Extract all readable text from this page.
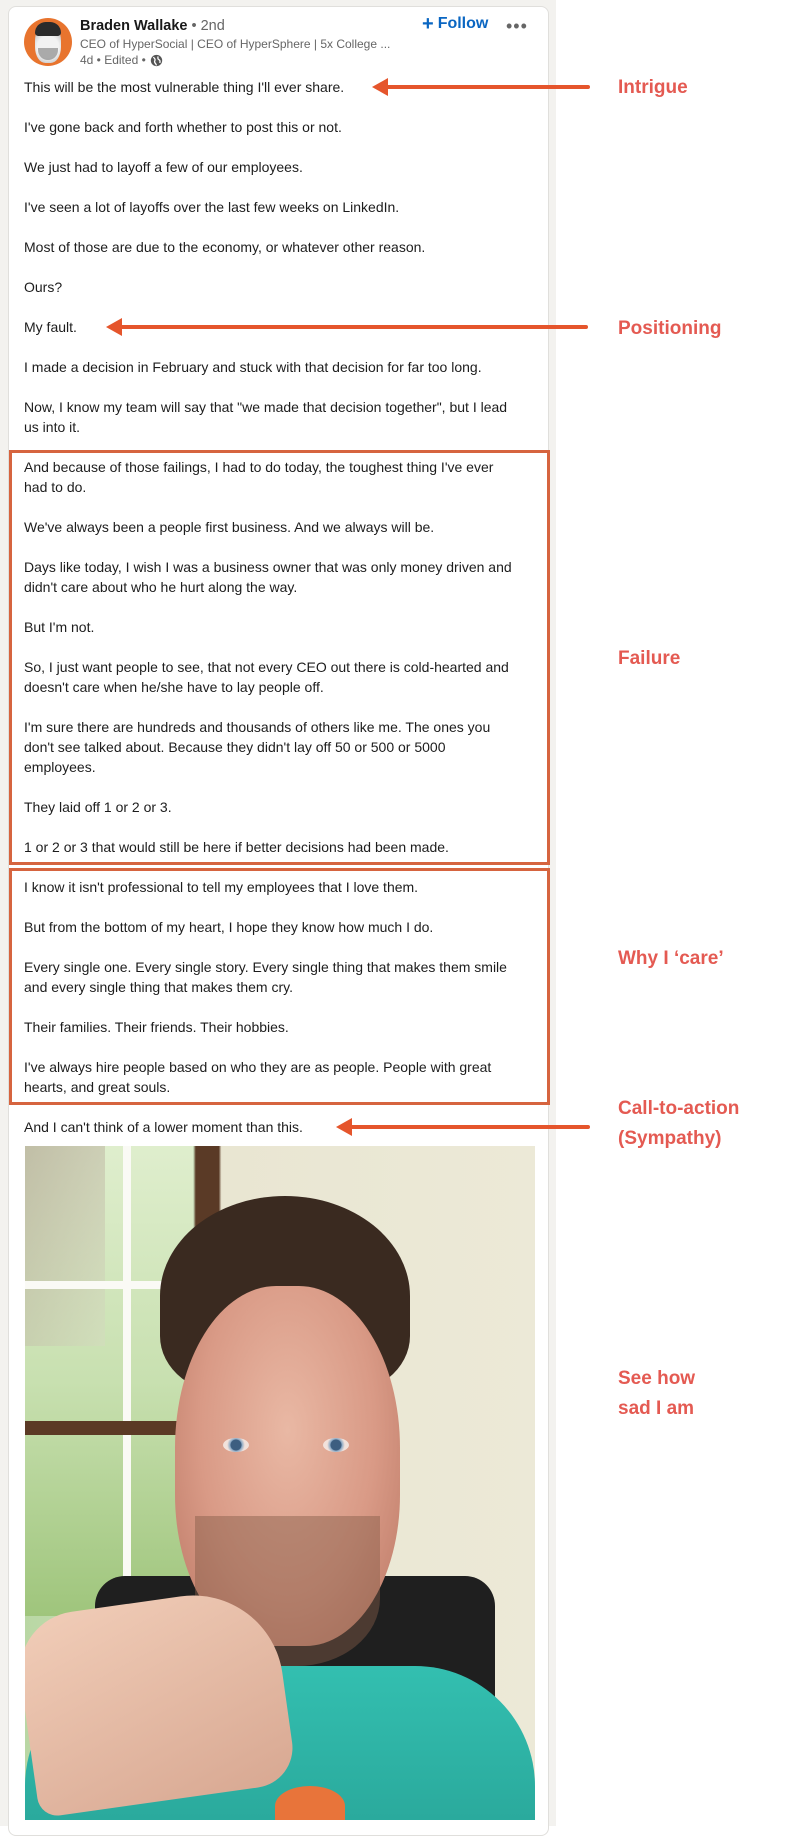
Braden Wallake • 2nd
CEO of HyperSocial | CEO of HyperSphere | 5x College ...
4d • Edited •
+ Follow •••
This will be the most vulnerable thing I'll ever share.
I've gone back and forth whether to post this or not.
We just had to layoff a few of our employees.
I've seen a lot of layoffs over the last few weeks on LinkedIn.
Most of those are due to the economy, or whatever other reason.
Ours?
My fault.
I made a decision in February and stuck with that decision for far too long.
Now, I know my team will say that "we made that decision together", but I lead
us into it.
And because of those failings, I had to do today, the toughest thing I've ever
had to do.
We've always been a people first business. And we always will be.
Days like today, I wish I was a business owner that was only money driven and
didn't care about who he hurt along the way.
But I'm not.
So, I just want people to see, that not every CEO out there is cold-hearted and
doesn't care when he/she have to lay people off.
I'm sure there are hundreds and thousands of others like me. The ones you
don't see talked about. Because they didn't lay off 50 or 500 or 5000
employees.
They laid off 1 or 2 or 3.
1 or 2 or 3 that would still be here if better decisions had been made.
I know it isn't professional to tell my employees that I love them.
But from the bottom of my heart, I hope they know how much I do.
Every single one. Every single story. Every single thing that makes them smile
and every single thing that makes them cry.
Their families. Their friends. Their hobbies.
I've always hire people based on who they are as people. People with great
hearts, and great souls.
And I can't think of a lower moment than this.
Intrigue
Positioning
Failure
Why I ‘care’
Call-to-action
(Sympathy)
See how
sad I am
